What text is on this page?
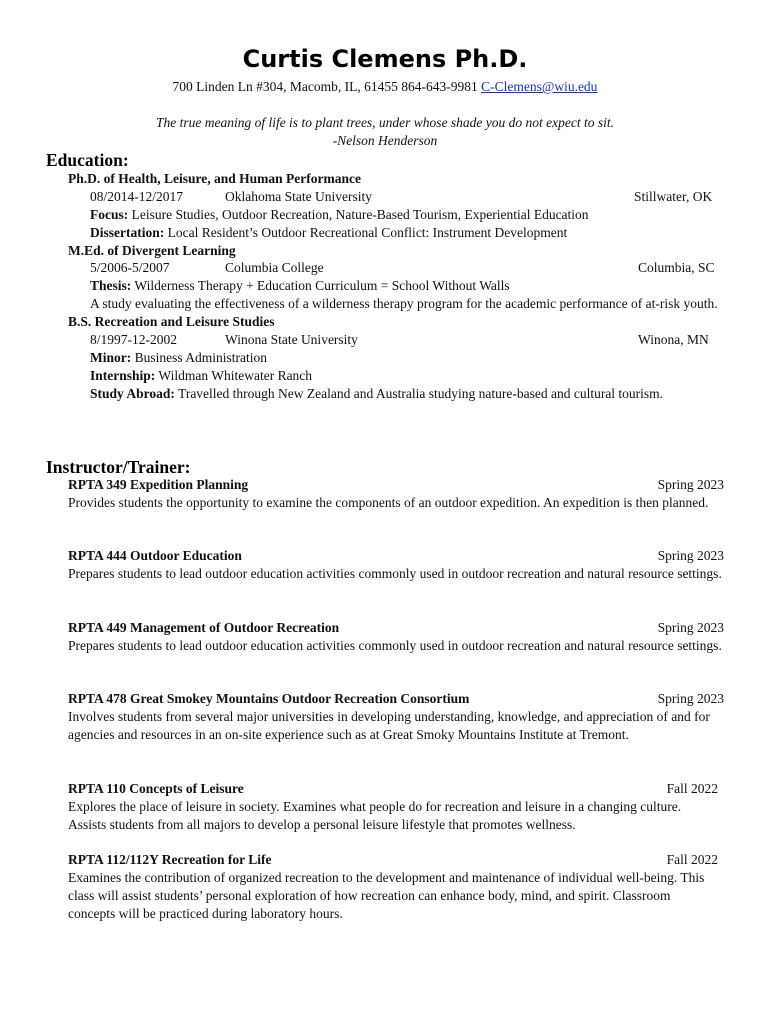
Curtis Clemens Ph.D.
700 Linden Ln #304, Macomb, IL, 61455 864-643-9981 C-Clemens@wiu.edu
The true meaning of life is to plant trees, under whose shade you do not expect to sit.
-Nelson Henderson
Education:
Ph.D. of Health, Leisure, and Human Performance
08/2014-12/2017	Oklahoma State University	Stillwater, OK
Focus: Leisure Studies, Outdoor Recreation, Nature-Based Tourism, Experiential Education
Dissertation: Local Resident’s Outdoor Recreational Conflict: Instrument Development
M.Ed. of Divergent Learning
5/2006-5/2007	Columbia College	Columbia, SC
Thesis: Wilderness Therapy + Education Curriculum = School Without Walls
A study evaluating the effectiveness of a wilderness therapy program for the academic performance of at-risk youth.
B.S. Recreation and Leisure Studies
8/1997-12-2002	Winona State University	Winona, MN
Minor: Business Administration
Internship: Wildman Whitewater Ranch
Study Abroad: Travelled through New Zealand and Australia studying nature-based and cultural tourism.
Instructor/Trainer:
RPTA 349 Expedition Planning	Spring 2023
Provides students the opportunity to examine the components of an outdoor expedition. An expedition is then planned.
RPTA 444 Outdoor Education	Spring 2023
Prepares students to lead outdoor education activities commonly used in outdoor recreation and natural resource settings.
RPTA 449 Management of Outdoor Recreation	Spring 2023
Prepares students to lead outdoor education activities commonly used in outdoor recreation and natural resource settings.
RPTA 478 Great Smokey Mountains Outdoor Recreation Consortium	Spring 2023
Involves students from several major universities in developing understanding, knowledge, and appreciation of and for agencies and resources in an on-site experience such as at Great Smoky Mountains Institute at Tremont.
RPTA 110 Concepts of Leisure	Fall 2022
Explores the place of leisure in society. Examines what people do for recreation and leisure in a changing culture. Assists students from all majors to develop a personal leisure lifestyle that promotes wellness.
RPTA 112/112Y Recreation for Life	Fall 2022
Examines the contribution of organized recreation to the development and maintenance of individual well-being. This class will assist students’ personal exploration of how recreation can enhance body, mind, and spirit. Classroom concepts will be practiced during laboratory hours.
